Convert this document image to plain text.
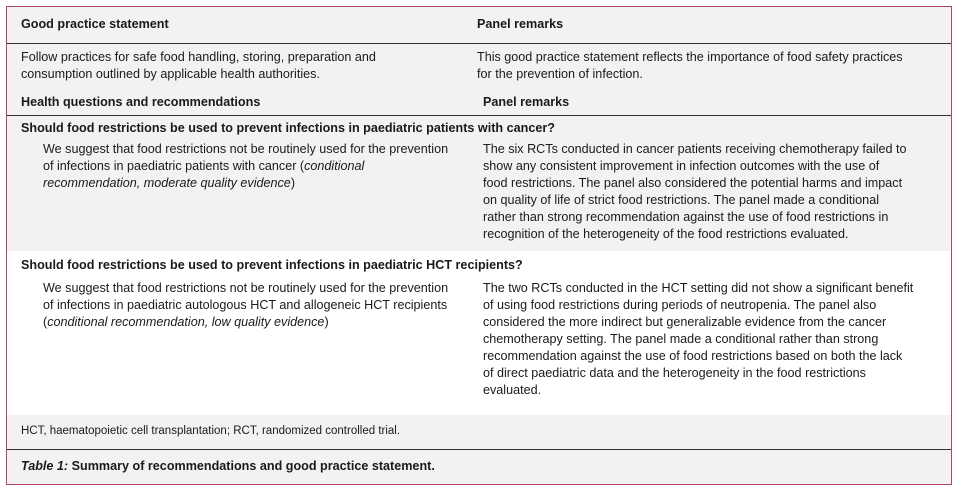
Good practice statement	Panel remarks
Follow practices for safe food handling, storing, preparation and
consumption outlined by applicable health authorities.
This good practice statement reflects the importance of food safety practices
for the prevention of infection.
Health questions and recommendations	Panel remarks
Should food restrictions be used to prevent infections in paediatric patients with cancer?
We suggest that food restrictions not be routinely used for the prevention
of infections in paediatric patients with cancer (conditional
recommendation, moderate quality evidence)
The six RCTs conducted in cancer patients receiving chemotherapy failed to
show any consistent improvement in infection outcomes with the use of
food restrictions. The panel also considered the potential harms and impact
on quality of life of strict food restrictions. The panel made a conditional
rather than strong recommendation against the use of food restrictions in
recognition of the heterogeneity of the food restrictions evaluated.
Should food restrictions be used to prevent infections in paediatric HCT recipients?
We suggest that food restrictions not be routinely used for the prevention
of infections in paediatric autologous HCT and allogeneic HCT recipients
(conditional recommendation, low quality evidence)
The two RCTs conducted in the HCT setting did not show a significant benefit
of using food restrictions during periods of neutropenia. The panel also
considered the more indirect but generalizable evidence from the cancer
chemotherapy setting. The panel made a conditional rather than strong
recommendation against the use of food restrictions based on both the lack
of direct paediatric data and the heterogeneity in the food restrictions
evaluated.
HCT, haematopoietic cell transplantation; RCT, randomized controlled trial.
Table 1: Summary of recommendations and good practice statement.
